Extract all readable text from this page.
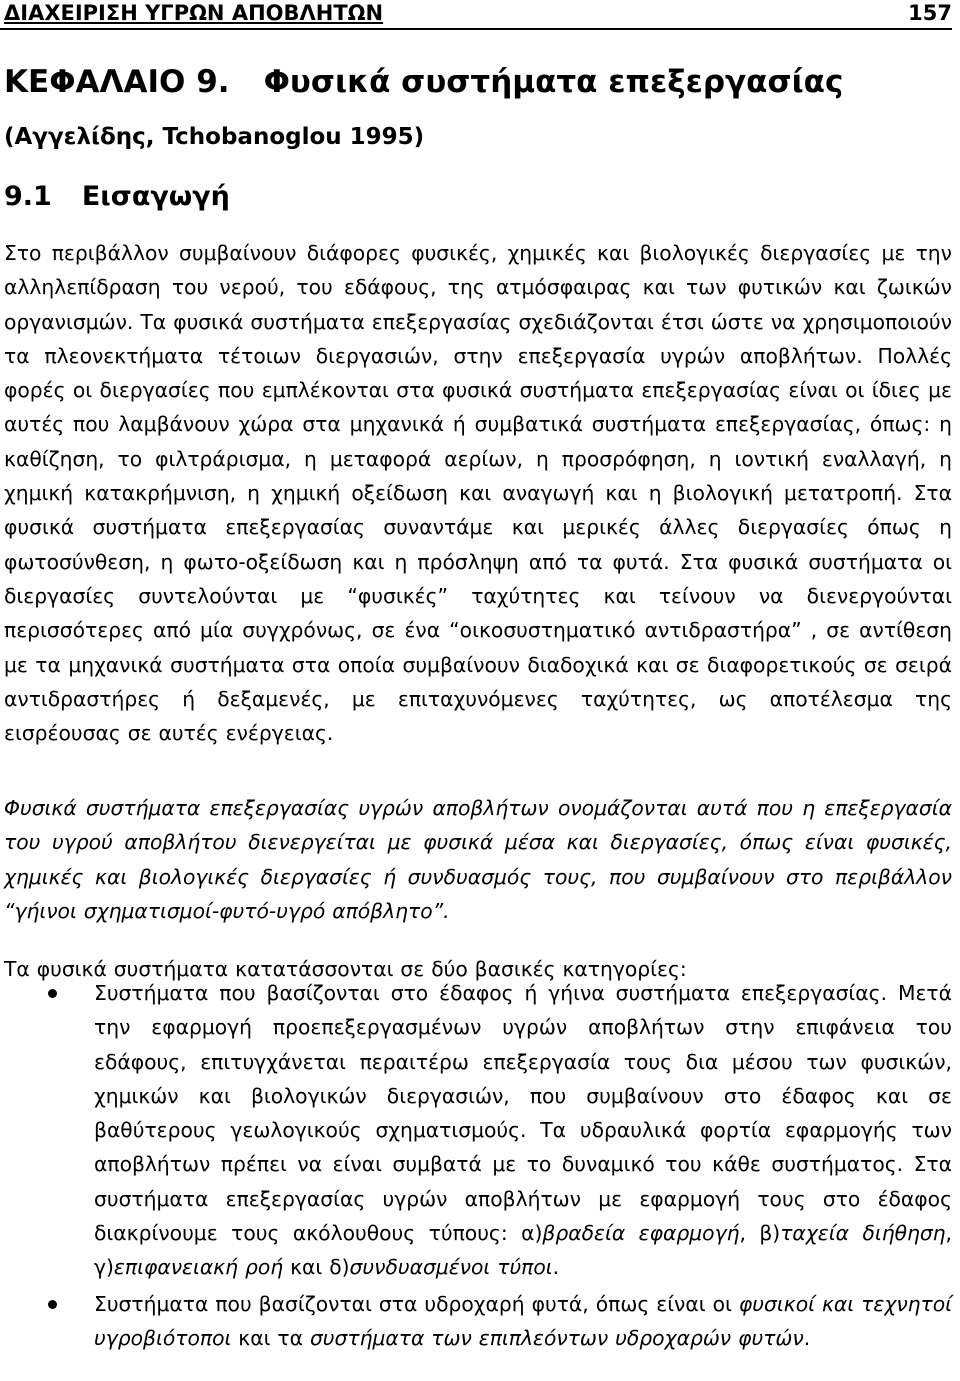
ΔΙΑΧΕΙΡΙΣΗ ΥΓΡΩΝ ΑΠΟΒΛΗΤΩΝ	157
ΚΕΦΑΛΑΙΟ 9. Φυσικά συστήματα επεξεργασίας
(Αγγελίδης, Tchobanoglou 1995)
9.1 Εισαγωγή
Στο περιβάλλον συμβαίνουν διάφορες φυσικές, χημικές και βιολογικές διεργασίες με την αλληλεπίδραση του νερού, του εδάφους, της ατμόσφαιρας και των φυτικών και ζωικών οργανισμών. Τα φυσικά συστήματα επεξεργασίας σχεδιάζονται έτσι ώστε να χρησιμοποιούν τα πλεονεκτήματα τέτοιων διεργασιών, στην επεξεργασία υγρών αποβλήτων. Πολλές φορές οι διεργασίες που εμπλέκονται στα φυσικά συστήματα επεξεργασίας είναι οι ίδιες με αυτές που λαμβάνουν χώρα στα μηχανικά ή συμβατικά συστήματα επεξεργασίας, όπως: η καθίζηση, το φιλτράρισμα, η μεταφορά αερίων, η προσρόφηση, η ιοντική εναλλαγή, η χημική κατακρήμνιση, η χημική οξείδωση και αναγωγή και η βιολογική μετατροπή. Στα φυσικά συστήματα επεξεργασίας συναντάμε και μερικές άλλες διεργασίες όπως η φωτοσύνθεση, η φωτο-οξείδωση και η πρόσληψη από τα φυτά. Στα φυσικά συστήματα οι διεργασίες συντελούνται με “φυσικές” ταχύτητες και τείνουν να διενεργούνται περισσότερες από μία συγχρόνως, σε ένα “οικοσυστηματικό αντιδραστήρα” , σε αντίθεση με τα μηχανικά συστήματα στα οποία συμβαίνουν διαδοχικά και σε διαφορετικούς σε σειρά αντιδραστήρες ή δεξαμενές, με επιταχυνόμενες ταχύτητες, ως αποτέλεσμα της εισρέουσας σε αυτές ενέργειας.
Φυσικά συστήματα επεξεργασίας υγρών αποβλήτων ονομάζονται αυτά που η επεξεργασία του υγρού αποβλήτου διενεργείται με φυσικά μέσα και διεργασίες, όπως είναι φυσικές, χημικές και βιολογικές διεργασίες ή συνδυασμός τους, που συμβαίνουν στο περιβάλλον “γήινοι σχηματισμοί-φυτό-υγρό απόβλητο”.
Τα φυσικά συστήματα κατατάσσονται σε δύο βασικές κατηγορίες:
Συστήματα που βασίζονται στο έδαφος ή γήινα συστήματα επεξεργασίας. Μετά την εφαρμογή προεπεξεργασμένων υγρών αποβλήτων στην επιφάνεια του εδάφους, επιτυγχάνεται περαιτέρω επεξεργασία τους δια μέσου των φυσικών, χημικών και βιολογικών διεργασιών, που συμβαίνουν στο έδαφος και σε βαθύτερους γεωλογικούς σχηματισμούς. Τα υδραυλικά φορτία εφαρμογής των αποβλήτων πρέπει να είναι συμβατά με το δυναμικό του κάθε συστήματος. Στα συστήματα επεξεργασίας υγρών αποβλήτων με εφαρμογή τους στο έδαφος διακρίνουμε τους ακόλουθους τύπους: α)βραδεία εφαρμογή, β)ταχεία διήθηση, γ)επιφανειακή ροή και δ)συνδυασμένοι τύποι.
Συστήματα που βασίζονται στα υδροχαρή φυτά, όπως είναι οι φυσικοί και τεχνητοί υγροβιότοποι και τα συστήματα των επιπλεόντων υδροχαρών φυτών.
